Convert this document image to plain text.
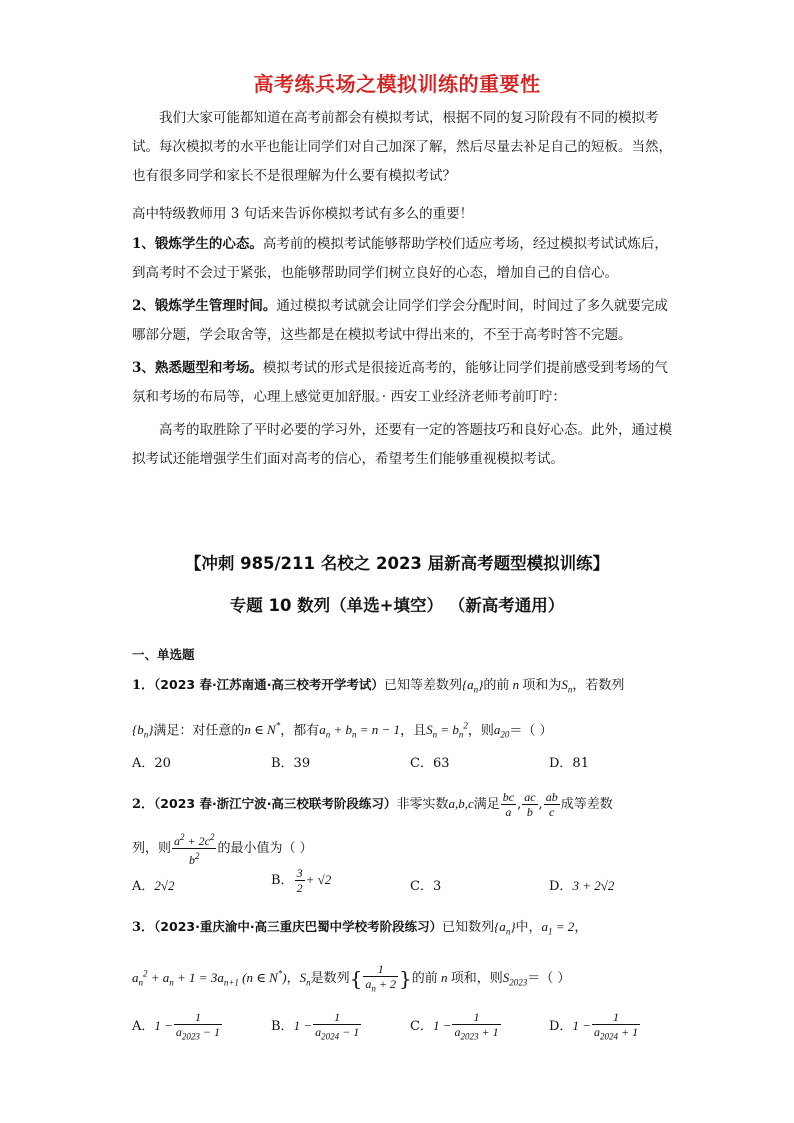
高考练兵场之模拟训练的重要性
我们大家可能都知道在高考前都会有模拟考试，根据不同的复习阶段有不同的模拟考试。每次模拟考的水平也能让同学们对自己加深了解，然后尽量去补足自己的短板。当然，也有很多同学和家长不是很理解为什么要有模拟考试？
高中特级教师用 3 句话来告诉你模拟考试有多么的重要！
1、锻炼学生的心态。高考前的模拟考试能够帮助学校们适应考场，经过模拟考试试炼后，到高考时不会过于紧张，也能够帮助同学们树立良好的心态，增加自己的自信心。
2、锻炼学生管理时间。通过模拟考试就会让同学们学会分配时间，时间过了多久就要完成哪部分题，学会取舍等，这些都是在模拟考试中得出来的，不至于高考时答不完题。
3、熟悉题型和考场。模拟考试的形式是很接近高考的，能够让同学们提前感受到考场的气氛和考场的布局等，心理上感觉更加舒服。· 西安工业经济老师考前叮咛：
高考的取胜除了平时必要的学习外，还要有一定的答题技巧和良好心态。此外，通过模拟考试还能增强学生们面对高考的信心，希望考生们能够重视模拟考试。
【冲刺 985/211 名校之 2023 届新高考题型模拟训练】
专题 10 数列（单选+填空） （新高考通用）
一、单选题
1．（2023 春·江苏南通·高三校考开学考试）已知等差数列$\{a_n\}$的前 n 项和为$S_n$，若数列
$\{b_n\}$满足：对任意的n ∈ N*，都有$a_n + b_n = n - 1$，且$S_n = b_n^2$，则$a_{20}=$（ ）
A．20	B．39	C．63	D．81
2．（2023 春·浙江宁波·高三校联考阶段练习）非零实数a,b,c满足 $\frac{bc}{a}$ , $\frac{ac}{b}$ , $\frac{ab}{c}$ 成等差数
列，则 $\frac{a^2 + 2c^2}{b^2}$ 的最小值为（ ）
A．2√2	B． $\frac{3}{2} + √2$	C．3	D．3 + 2√2
3．（2023·重庆渝中·高三重庆巴蜀中学校考阶段练习）已知数列$\{a_n\}$中，$a_1 = 2$，
$a_n^2 + a_n + 1 = 3a_{n+1}$ (n ∈ N*)，$S_n$是数列{ $\frac{1}{a_n + 2}$ }的前 n 项和，则$S_{2023}=$（ ）
A．$1 - \frac{1}{a_{2023} - 1}$	B．$1 - \frac{1}{a_{2024} - 1}$	C．$1 - \frac{1}{a_{2023} + 1}$	D．$1 - \frac{1}{a_{2024} + 1}$
